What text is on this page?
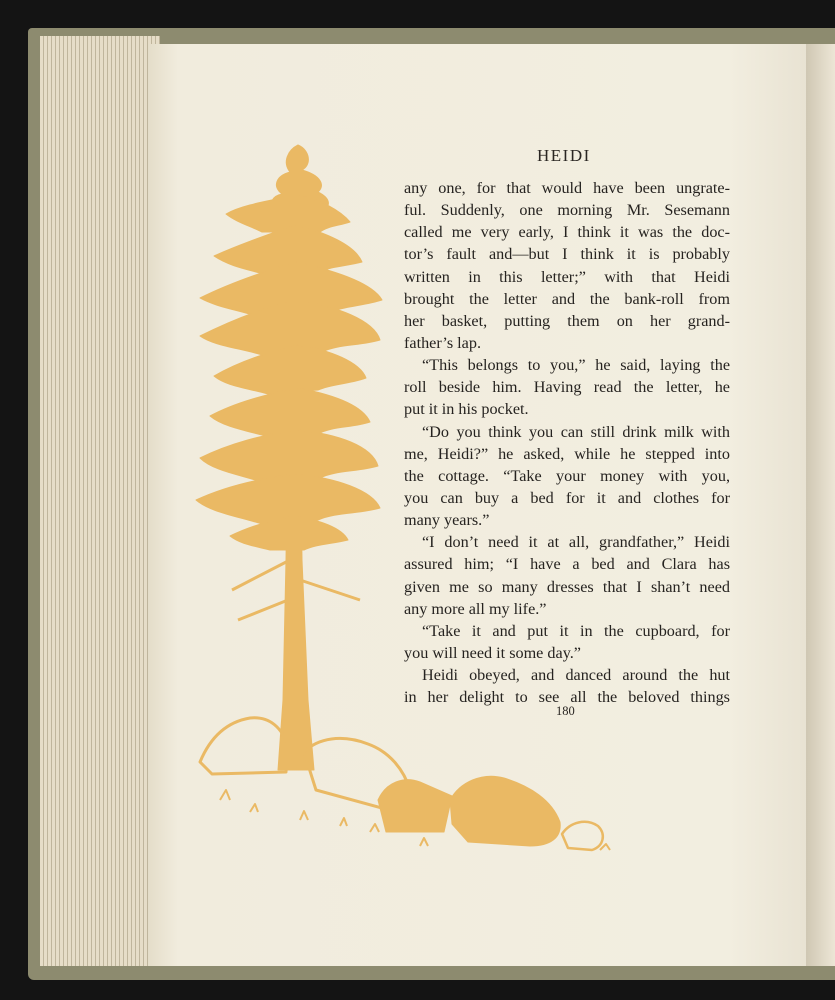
HEIDI
any one, for that would have been ungrate-
ful. Suddenly, one morning Mr. Sesemann
called me very early, I think it was the doc-
tor’s fault and—but I think it is probably
written in this letter;” with that Heidi
brought the letter and the bank-roll from
her basket, putting them on her grand-
father’s lap.
“This belongs to you,” he said, laying the
roll beside him. Having read the letter, he
put it in his pocket.
“Do you think you can still drink milk with
me, Heidi?” he asked, while he stepped into
the cottage. “Take your money with you,
you can buy a bed for it and clothes for
many years.”
“I don’t need it at all, grandfather,” Heidi
assured him; “I have a bed and Clara has
given me so many dresses that I shan’t need
any more all my life.”
“Take it and put it in the cupboard, for
you will need it some day.”
Heidi obeyed, and danced around the hut
in her delight to see all the beloved things
180
